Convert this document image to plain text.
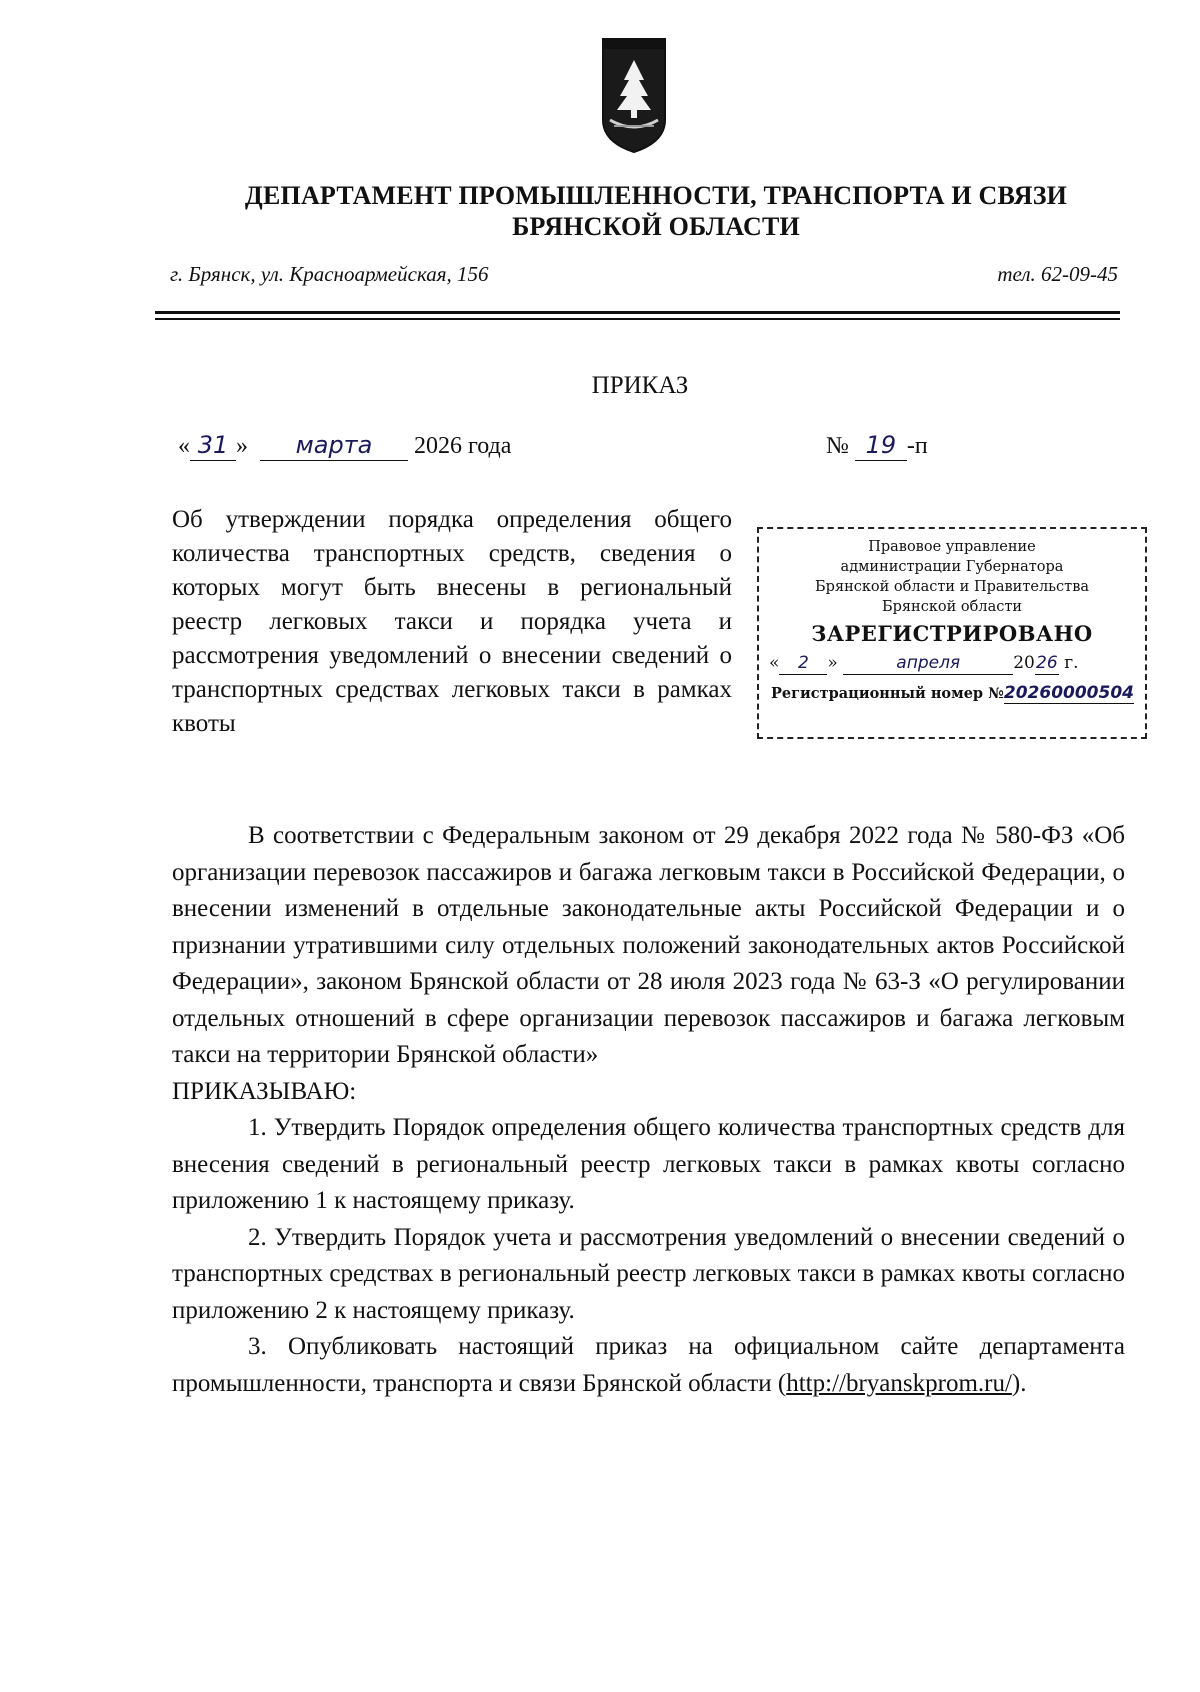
ДЕПАРТАМЕНТ ПРОМЫШЛЕННОСТИ, ТРАНСПОРТА И СВЯЗИ
БРЯНСКОЙ ОБЛАСТИ
г. Брянск, ул. Красноармейская, 156	тел. 62-09-45
ПРИКАЗ
« 31 » марта 2026 года	№ 19 -п
Об утверждении порядка определения общего количества транспортных средств, сведения о которых могут быть внесены в региональный реестр легковых такси и порядка учета и рассмотрения уведомлений о внесении сведений о транспортных средствах легковых такси в рамках квоты
Правовое управление
администрации Губернатора
Брянской области и Правительства
Брянской области
ЗАРЕГИСТРИРОВАНО
« 2 »	апреля	2026 г.
Регистрационный номер №20260000504

В соответствии с Федеральным законом от 29 декабря 2022 года № 580-ФЗ «Об организации перевозок пассажиров и багажа легковым такси в Российской Федерации, о внесении изменений в отдельные законодательные акты Российской Федерации и о признании утратившими силу отдельных положений законодательных актов Российской Федерации», законом Брянской области от 28 июля 2023 года № 63-З «О регулировании отдельных отношений в сфере организации перевозок пассажиров и багажа легковым такси на территории Брянской области»

ПРИКАЗЫВАЮ:

1. Утвердить Порядок определения общего количества транспортных средств для внесения сведений в региональный реестр легковых такси в рамках квоты согласно приложению 1 к настоящему приказу.

2. Утвердить Порядок учета и рассмотрения уведомлений о внесении сведений о транспортных средствах в региональный реестр легковых такси в рамках квоты согласно приложению 2 к настоящему приказу.

3. Опубликовать настоящий приказ на официальном сайте департамента промышленности, транспорта и связи Брянской области (http://bryanskprom.ru/).
